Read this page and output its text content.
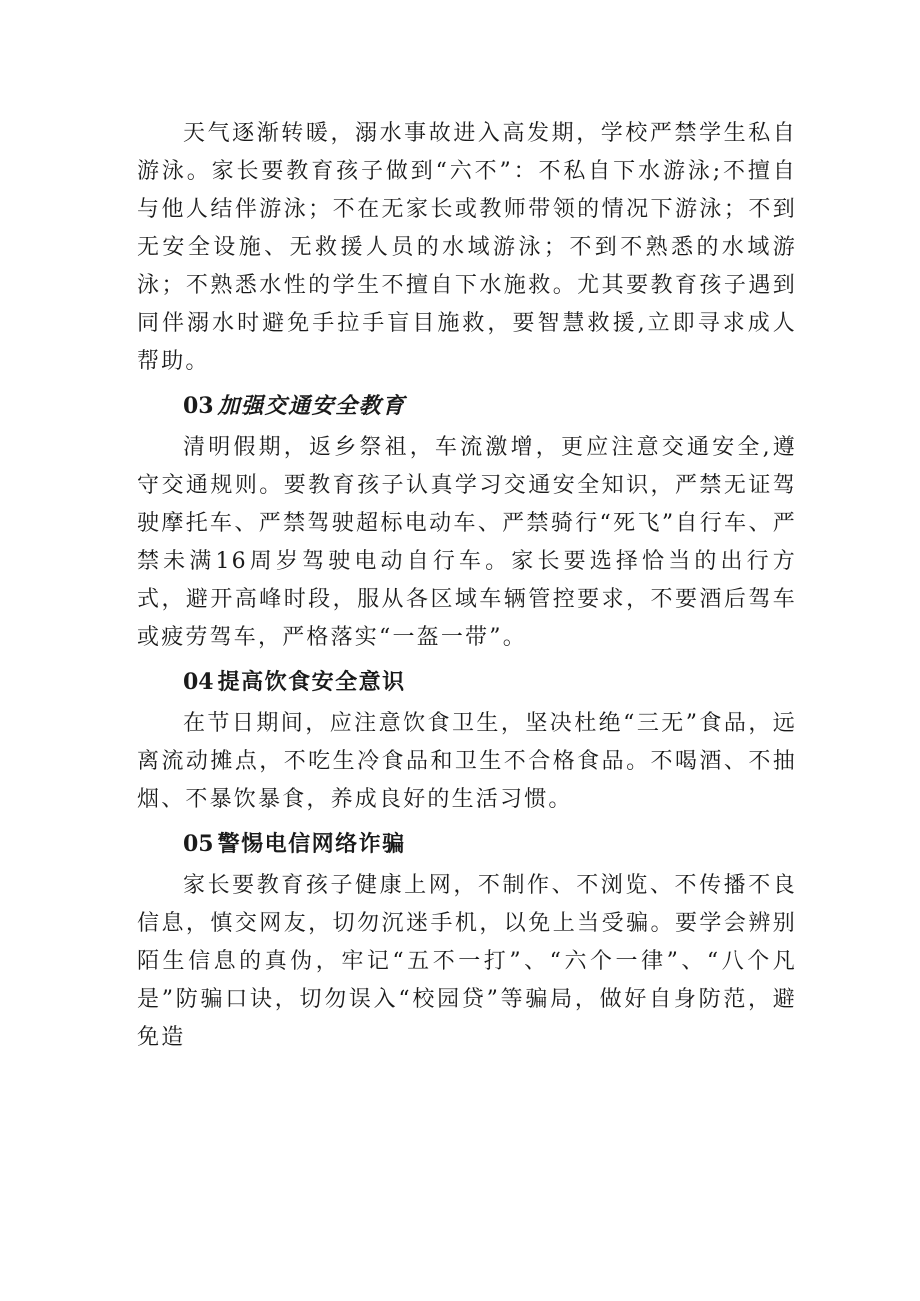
天气逐渐转暖，溺水事故进入高发期，学校严禁学生私自游泳。家长要教育孩子做到“六不”：不私自下水游泳;不擅自与他人结伴游泳；不在无家长或教师带领的情况下游泳；不到无安全设施、无救援人员的水域游泳；不到不熟悉的水域游泳；不熟悉水性的学生不擅自下水施救。尤其要教育孩子遇到同伴溺水时避免手拉手盲目施救，要智慧救援,立即寻求成人帮助。

03 加强交通安全教育

清明假期，返乡祭祖，车流激增，更应注意交通安全,遵守交通规则。要教育孩子认真学习交通安全知识，严禁无证驾驶摩托车、严禁驾驶超标电动车、严禁骑行“死飞”自行车、严禁未满16周岁驾驶电动自行车。家长要选择恰当的出行方式，避开高峰时段，服从各区域车辆管控要求，不要酒后驾车或疲劳驾车，严格落实“一盔一带”。

04 提高饮食安全意识

在节日期间，应注意饮食卫生，坚决杜绝“三无”食品，远离流动摊点，不吃生冷食品和卫生不合格食品。不喝酒、不抽烟、不暴饮暴食，养成良好的生活习惯。

05 警惕电信网络诈骗

家长要教育孩子健康上网，不制作、不浏览、不传播不良信息，慎交网友，切勿沉迷手机，以免上当受骗。要学会辨别陌生信息的真伪，牢记“五不一打”、“六个一律”、“八个凡是”防骗口诀，切勿误入“校园贷”等骗局，做好自身防范，避免造
